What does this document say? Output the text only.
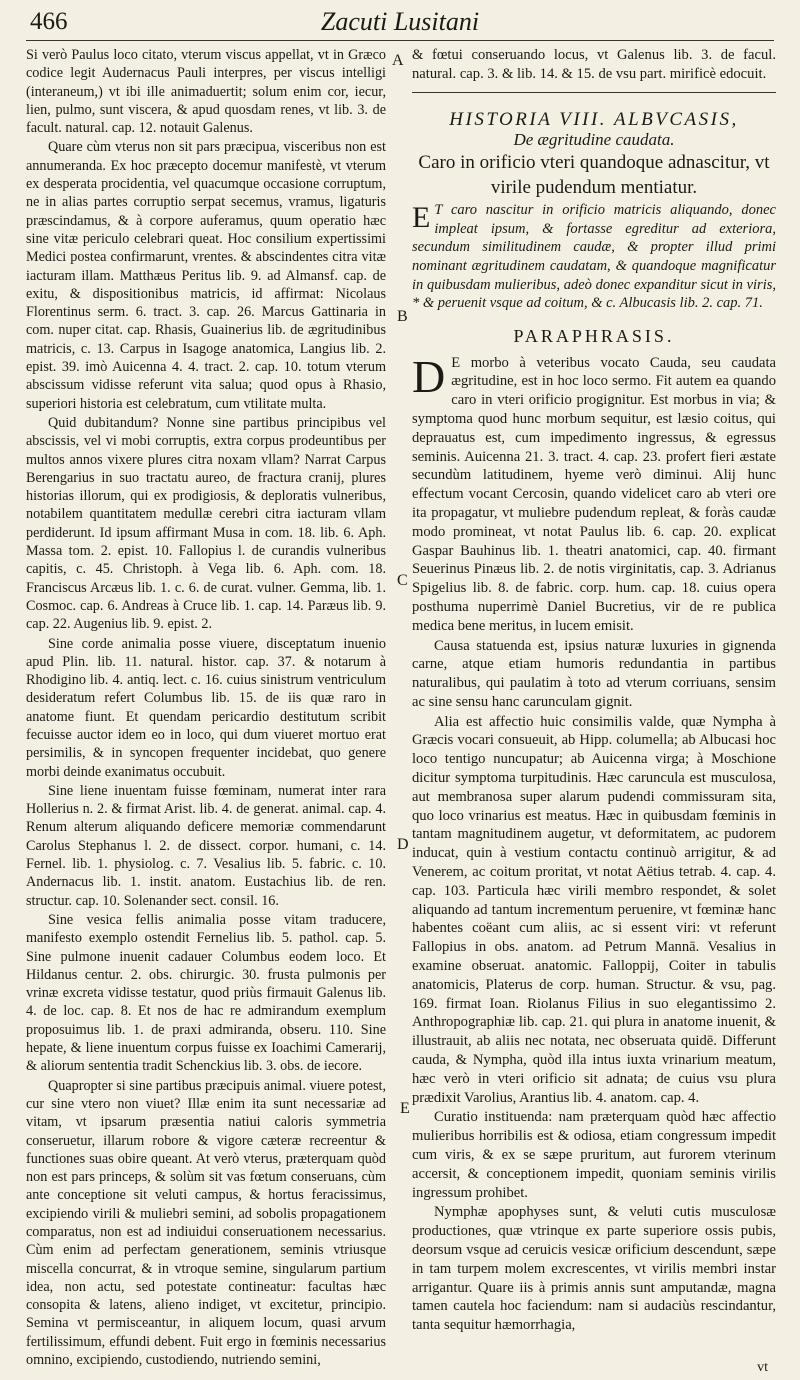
466	Zacuti Lusitani

Si verò Paulus loco citato, vterum viscus appellat, vt in Græco codice legit Audernacus Pauli interpres, per viscus intelligi (interaneum,) vt ibi ille animaduertit; solum enim cor, iecur, lien, pulmo, sunt viscera, & apud quosdam renes, vt lib. 3. de facult. natural. cap. 12. notauit Galenus.

Quare cùm vterus non sit pars præcipua, visceribus non est annumeranda. Ex hoc præcepto docemur manifestè, vt vterum ex desperata procidentia, vel quacumque occasione corruptum, ne in alias partes corruptio serpat secemus, vramus, ligaturis præscindamus, & à corpore auferamus, quum operatio hæc sine vitæ periculo celebrari queat. Hoc consilium expertissimi Medici postea confirmarunt, vrentes. & abscindentes citra vitæ iacturam illam. Matthæus Peritus lib. 9. ad Almansf. cap. de exitu, & dispositionibus matricis, id affirmat: Nicolaus Florentinus serm. 6. tract. 3. cap. 26. Marcus Gattinaria in com. nuper citat. cap. Rhasis, Guainerius lib. de ægritudinibus matricis, c. 13. Carpus in Isagoge anatomica, Langius lib. 2. epist. 39. imò Auicenna 4. 4. tract. 2. cap. 10. totum vterum abscissum vidisse referunt vita salua; quod opus à Rhasio, superiori historia est celebratum, cum vtilitate multa.

Quid dubitandum? Nonne sine partibus principibus vel abscissis, vel vi mobi corruptis, extra corpus prodeuntibus per multos annos vixere plures citra noxam vllam? Narrat Carpus Berengarius in suo tractatu aureo, de fractura cranij, plures historias illorum, qui ex prodigiosis, & deploratis vulneribus, notabilem quantitatem medullæ cerebri citra iacturam vllam perdiderunt. Id ipsum affirmant Musa in com. 18. lib. 6. Aph. Massa tom. 2. epist. 10. Fallopius l. de curandis vulneribus capitis, c. 45. Christoph. à Vega lib. 6. Aph. com. 18. Franciscus Arcæus lib. 1. c. 6. de curat. vulner. Gemma, lib. 1. Cosmoc. cap. 6. Andreas à Cruce lib. 1. cap. 14. Paræus lib. 9. cap. 22. Augenius lib. 9. epist. 2.

Sine corde animalia posse viuere, disceptatum inuenio apud Plin. lib. 11. natural. histor. cap. 37. & notarum à Rhodigino lib. 4. antiq. lect. c. 16. cuius sinistrum ventriculum desideratum refert Columbus lib. 15. de iis quæ raro in anatome fiunt. Et quendam pericardio destitutum scribit fecuisse auctor idem eo in loco, qui dum viueret mortuo erat persimilis, & in syncopen frequenter incidebat, quo genere morbi deinde exanimatus occubuit.

Sine liene inuentam fuisse fœminam, numerat inter rara Hollerius n. 2. & firmat Arist. lib. 4. de generat. animal. cap. 4. Renum alterum aliquando deficere memoriæ commendarunt Carolus Stephanus l. 2. de dissect. corpor. humani, c. 14. Fernel. lib. 1. physiolog. c. 7. Vesalius lib. 5. fabric. c. 10. Andernacus lib. 1. instit. anatom. Eustachius lib. de ren. structur. cap. 10. Solenander sect. consil. 16.

Sine vesica fellis animalia posse vitam traducere, manifesto exemplo ostendit Fernelius lib. 5. pathol. cap. 5. Sine pulmone inuenit cadauer Columbus eodem loco. Et Hildanus centur. 2. obs. chirurgic. 30. frusta pulmonis per vrinæ excreta vidisse testatur, quod priùs firmauit Galenus lib. 4. de loc. cap. 8. Et nos de hac re admirandum exemplum proposuimus lib. 1. de praxi admiranda, obseru. 110. Sine hepate, & liene inuentum corpus fuisse ex Ioachimi Camerarij, & aliorum sententia tradit Schenckius lib. 3. obs. de iecore.

Quapropter si sine partibus præcipuis animal. viuere potest, cur sine vtero non viuet? Illæ enim ita sunt necessariæ ad vitam, vt ipsarum præsentia natiui caloris symmetria conseruetur, illarum robore & vigore cæteræ recreentur & functiones suas obire queant. At verò vterus, præterquam quòd non est pars princeps, & solùm sit vas fœtum conseruans, cùm ante conceptione sit veluti campus, & hortus feracissimus, excipiendo virili & muliebri semini, ad sobolis propagationem comparatus, non est ad indiuidui conseruationem necessarius. Cùm enim ad perfectam generationem, seminis vtriusque miscella concurrat, & in vtroque semine, singularum partium idea, non actu, sed potestate contineatur: facultas hæc consopita & latens, alieno indiget, vt excitetur, principio. Semina vt permisceantur, in aliquem locum, quasi arvum fertilissimum, effundi debent. Fuit ergo in fœminis necessarius omnino, excipiendo, custodiendo, nutriendo semini,

A
B
C
D
E

& fœtui conseruando locus, vt Galenus lib. 3. de facul. natural. cap. 3. & lib. 14. & 15. de vsu part. mirificè edocuit.

HISTORIA VIII. ALBVCASIS,
De ægritudine caudata.

Caro in orificio vteri quandoque adnascitur, vt virile pudendum mentiatur.

E T caro nascitur in orificio matricis aliquando, donec impleat ipsum, & fortasse egreditur ad exteriora, secundum similitudinem caudæ, & propter illud primi nominant ægritudinem caudatam, & quandoque magnificatur in quibusdam mulieribus, adeò donec expanditur sicut in viris, * & peruenit vsque ad coitum, & c. Albucasis lib. 2. cap. 71.

PARAPHRASIS.

D E morbo à veteribus vocato Cauda, seu caudata ægritudine, est in hoc loco sermo. Fit autem ea quando caro in vteri orificio progignitur. Est morbus in via; & symptoma quod hunc morbum sequitur, est læsio coitus, qui deprauatus est, cum impedimento ingressus, & egressus seminis. Auicenna 21. 3. tract. 4. cap. 23. profert fieri æstate secundùm latitudinem, hyeme verò diminui. Alij hunc effectum vocant Cercosin, quando videlicet caro ab vteri ore ita propagatur, vt muliebre pudendum repleat, & foràs caudæ modo promineat, vt notat Paulus lib. 6. cap. 20. explicat Gaspar Bauhinus lib. 1. theatri anatomici, cap. 40. firmant Seuerinus Pinæus lib. 2. de notis virginitatis, cap. 3. Adrianus Spigelius lib. 8. de fabric. corp. hum. cap. 18. cuius opera posthuma nuperrimè Daniel Bucretius, vir de re publica medica bene meritus, in lucem emisit.

Causa statuenda est, ipsius naturæ luxuries in gignenda carne, atque etiam humoris redundantia in partibus naturalibus, qui paulatim à toto ad vterum corriuans, sensim ac sine sensu hanc carunculam gignit.

Alia est affectio huic consimilis valde, quæ Nympha à Græcis vocari consueuit, ab Hipp. columella; ab Albucasi hoc loco tentigo nuncupatur; ab Auicenna virga; à Moschione dicitur symptoma turpitudinis. Hæc caruncula est musculosa, aut membranosa super alarum pudendi commissuram sita, quo loco vrinarius est meatus. Hæc in quibusdam fœminis in tantam magnitudinem augetur, vt deformitatem, ac pudorem inducat, quin à vestium contactu continuò arrigitur, & ad Venerem, ac coitum proritat, vt notat Aëtius tetrab. 4. cap. 4. cap. 103. Particula hæc virili membro respondet, & solet aliquando ad tantum incrementum peruenire, vt fœminæ hanc habentes coëant cum aliis, ac si essent viri: vt referunt Fallopius in obs. anatom. ad Petrum Mannā. Vesalius in examine obseruat. anatomic. Falloppij, Coiter in tabulis anatomicis, Platerus de corp. human. Structur. & vsu, pag. 169. firmat Ioan. Riolanus Filius in suo elegantissimo 2. Anthropographiæ lib. cap. 21. qui plura in anatome inuenit, & illustrauit, ab aliis nec notata, nec obseruata quidē. Differunt cauda, & Nympha, quòd illa intus iuxta vrinarium meatum, hæc verò in vteri orificio sit adnata; de cuius vsu plura prædixit Varolius, Arantius lib. 4. anatom. cap. 4.

Curatio instituenda: nam præterquam quòd hæc affectio mulieribus horribilis est & odiosa, etiam congressum impedit cum viris, & ex se sæpe pruritum, aut furorem vterinum accersit, & conceptionem impedit, quoniam seminis virilis ingressum prohibet.

Nymphæ apophyses sunt, & veluti cutis musculosæ productiones, quæ vtrinque ex parte superiore ossis pubis, deorsum vsque ad ceruicis vesicæ orificium descendunt, sæpe in tam turpem molem excrescentes, vt virilis membri instar arrigantur. Quare iis à primis annis sunt amputandæ, magna tamen cautela hoc faciendum: nam si audaciùs rescindantur, tanta sequitur hæmorrhagia,

vt
